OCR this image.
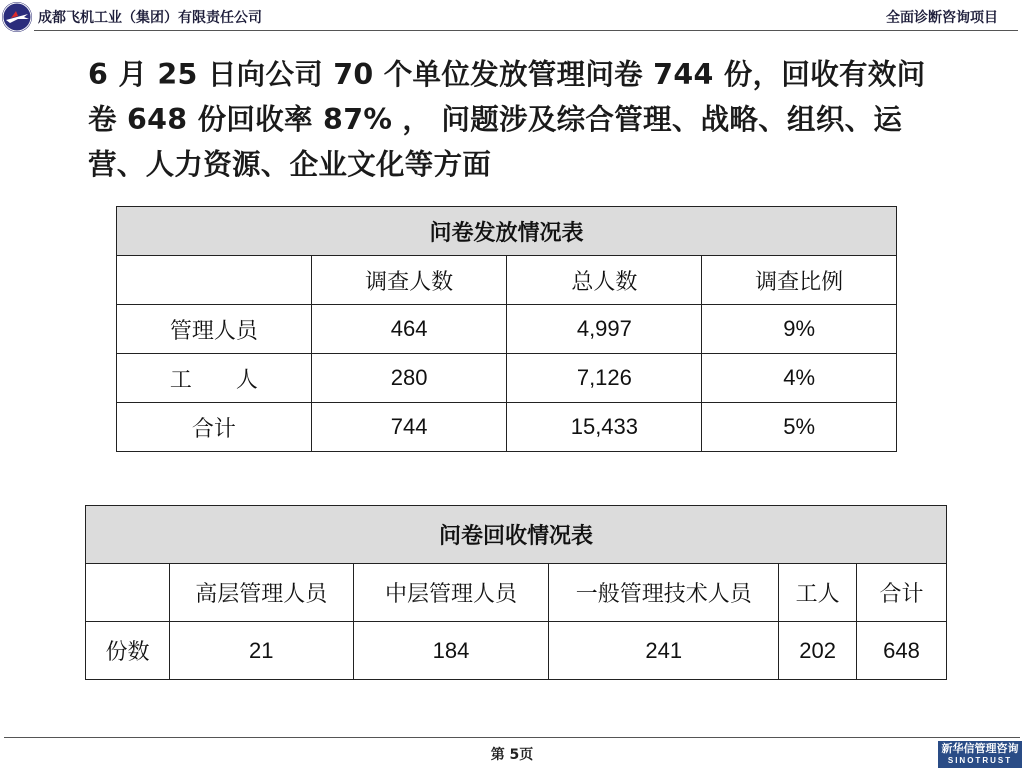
成都飞机工业（集团）有限责任公司	全面诊断咨询项目
6 月 25 日向公司 70 个单位发放管理问卷 744 份，回收有效问卷 648 份回收率 87% ， 问题涉及综合管理、战略、组织、运营、人力资源、企业文化等方面
问卷发放情况表			
	调查人数	总人数	调查比例
管理人员	464	4,997	9%
工　　人	280	7,126	4%
合计	744	15,433	5%
问卷回收情况表					
	高层管理人员	中层管理人员	一般管理技术人员	工人	合计
份数	21	184	241	202	648
第 5页	新华信管理咨询
SINOTRUST
